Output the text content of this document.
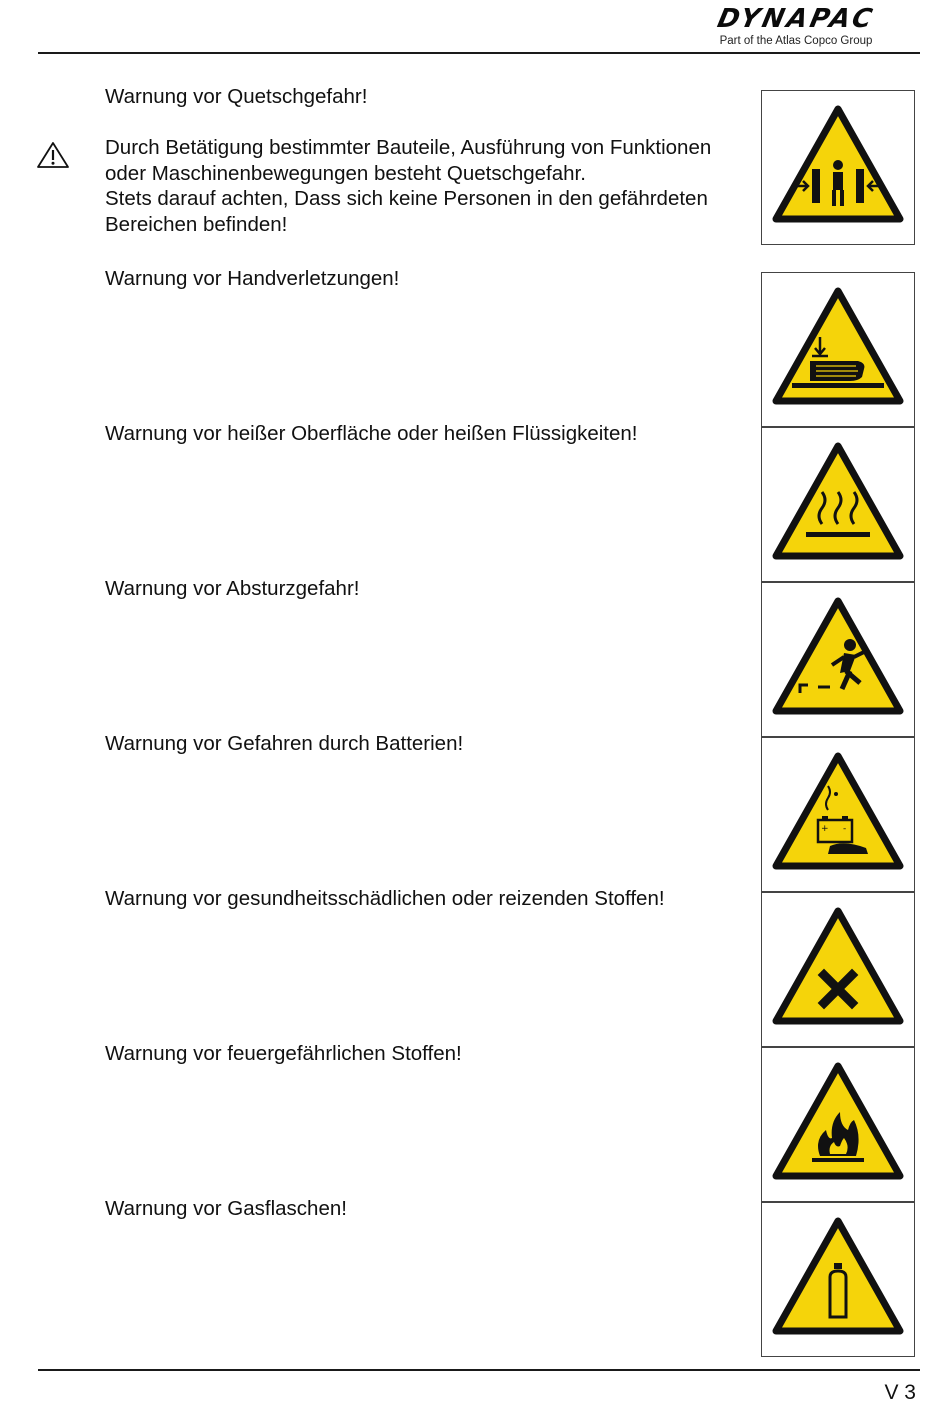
DYNAPAC
Part of the Atlas Copco Group

Warnung vor Quetschgefahr!

Durch Betätigung bestimmter Bauteile, Ausführung von Funktionen

oder Maschinenbewegungen besteht Quetschgefahr.

Stets darauf achten, Dass sich keine Personen in den gefährdeten

Bereichen befinden!

Warnung vor Handverletzungen!

Warnung vor heißer Oberfläche oder heißen Flüssigkeiten!

Warnung vor Absturzgefahr!

Warnung vor Gefahren durch Batterien!

Warnung vor gesundheitsschädlichen oder reizenden Stoffen!

Warnung vor feuergefährlichen Stoffen!

Warnung vor Gasflaschen!

+ -
V 3
